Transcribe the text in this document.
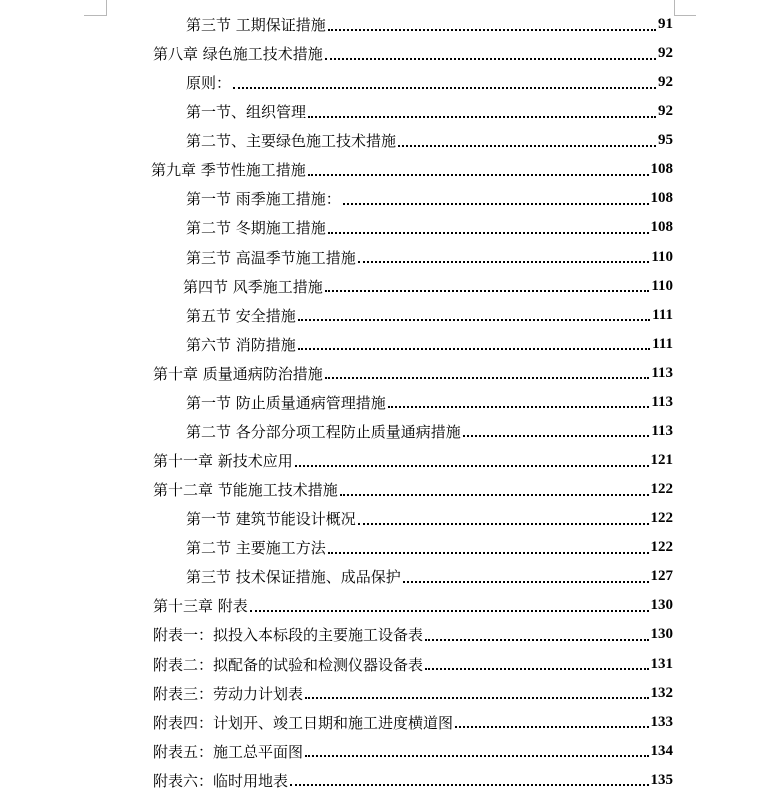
第三节 工期保证措施	91
第八章 绿色施工技术措施	92
原则：	92
第一节、组织管理	92
第二节、主要绿色施工技术措施	95
第九章 季节性施工措施	108
第一节 雨季施工措施：	108
第二节 冬期施工措施	108
第三节 高温季节施工措施	110
第四节 风季施工措施	110
第五节 安全措施	111
第六节 消防措施	111
第十章 质量通病防治措施	113
第一节 防止质量通病管理措施	113
第二节 各分部分项工程防止质量通病措施	113
第十一章 新技术应用	121
第十二章 节能施工技术措施	122
第一节 建筑节能设计概况	122
第二节 主要施工方法	122
第三节 技术保证措施、成品保护	127
第十三章 附表	130
附表一：拟投入本标段的主要施工设备表	130
附表二：拟配备的试验和检测仪器设备表	131
附表三：劳动力计划表	132
附表四：计划开、竣工日期和施工进度横道图	133
附表五：施工总平面图	134
附表六：临时用地表	135
